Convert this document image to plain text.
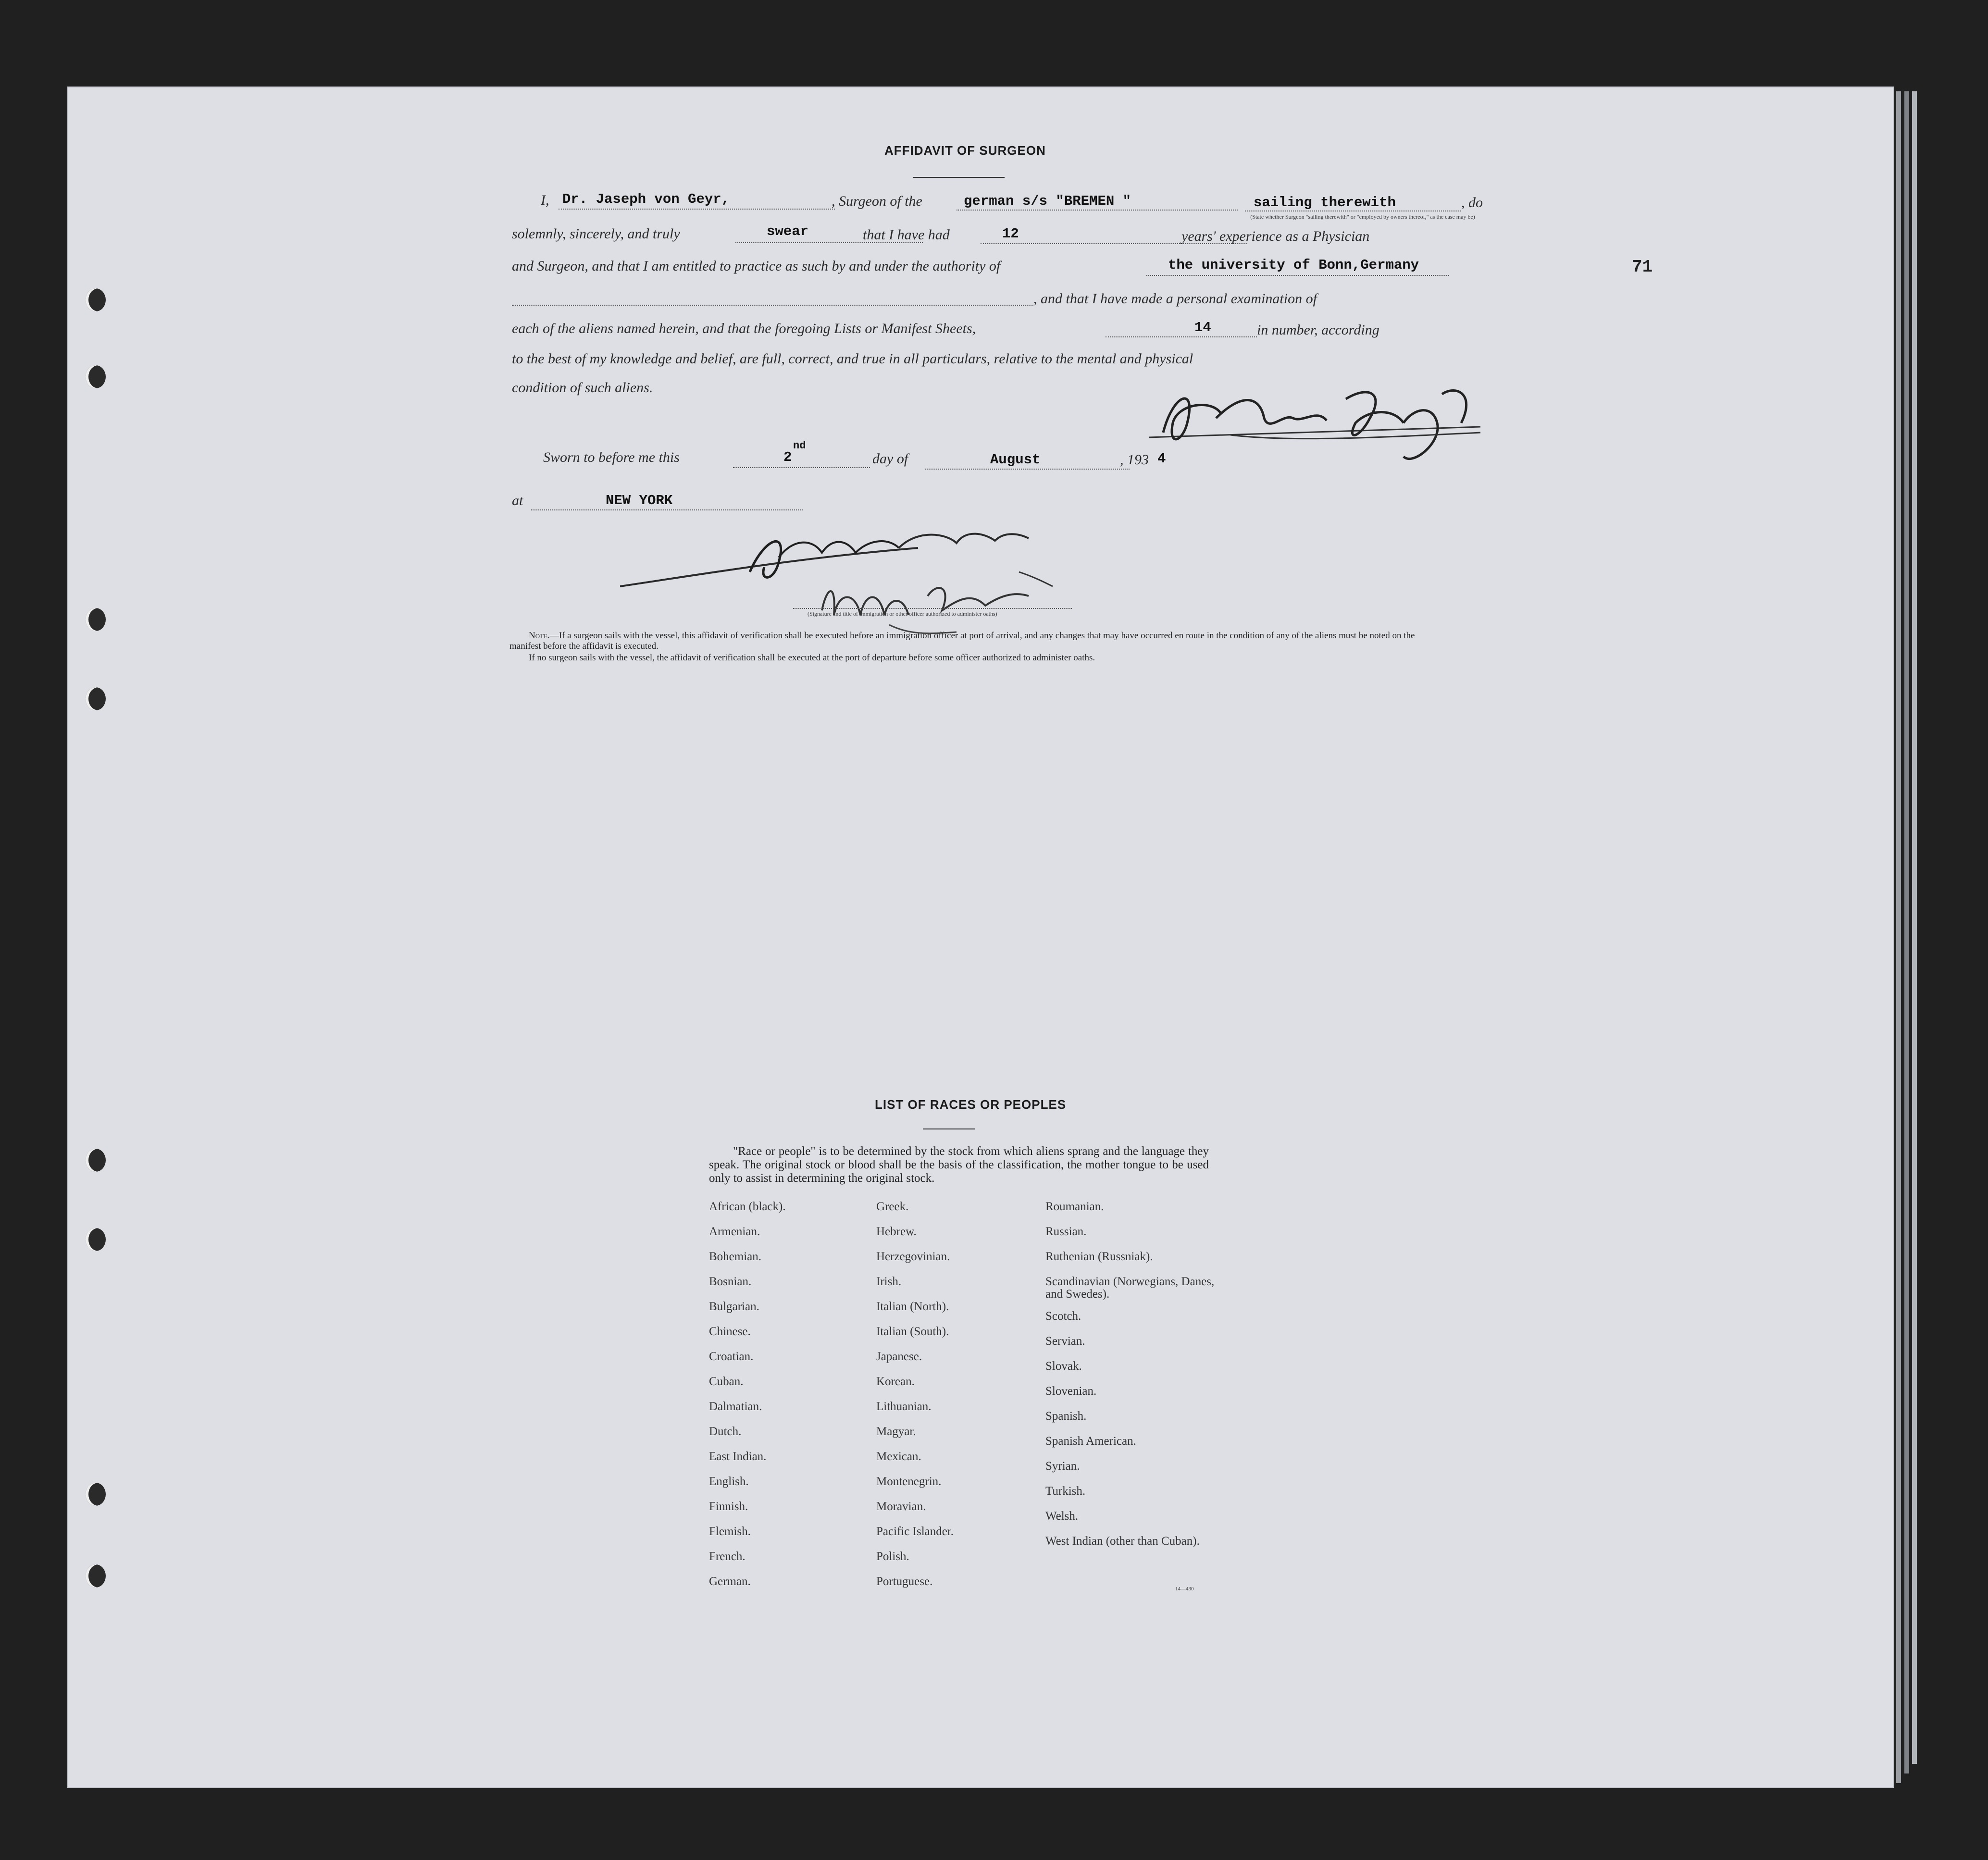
71
AFFIDAVIT OF SURGEON
I, Dr. Jaseph von Geyr,	, Surgeon of the	german s/s "BREMEN "	sailing therewith	, do
(State whether Surgeon "sailing therewith" or "employed by owners thereof," as the case may be)
solemnly, sincerely, and truly	swear	that I have had	12	years' experience as a Physician
and Surgeon, and that I am entitled to practice as such by and under the authority of	the university of Bonn,Germany
, and that I have made a personal examination of
each of the aliens named herein, and that the foregoing Lists or Manifest Sheets,	14	in number, according
to the best of my knowledge and belief, are full, correct, and true in all particulars, relative to the mental and physical
condition of such aliens.
Sworn to before me this	2
nd
day of	August	, 193 4
at	NEW YORK
(Signature and title of immigration or other officer authorized to administer oaths)
Note.—If a surgeon sails with the vessel, this affidavit of verification shall be executed before an immigration officer at port of arrival, and any changes that may have occurred en route in the condition of any of the aliens must be noted on the manifest before the affidavit is executed.
If no surgeon sails with the vessel, the affidavit of verification shall be executed at the port of departure before some officer authorized to administer oaths.
LIST OF RACES OR PEOPLES
"Race or people" is to be determined by the stock from which aliens sprang and the language they speak. The original stock or blood shall be the basis of the classification, the mother tongue to be used only to assist in determining the original stock.
African (black).
Armenian.
Bohemian.
Bosnian.
Bulgarian.
Chinese.
Croatian.
Cuban.
Dalmatian.
Dutch.
East Indian.
English.
Finnish.
Flemish.
French.
German.
Greek.
Hebrew.
Herzegovinian.
Irish.
Italian (North).
Italian (South).
Japanese.
Korean.
Lithuanian.
Magyar.
Mexican.
Montenegrin.
Moravian.
Pacific Islander.
Polish.
Portuguese.
Roumanian.
Russian.
Ruthenian (Russniak).
Scandinavian (Norwegians, Danes, and Swedes).
Scotch.
Servian.
Slovak.
Slovenian.
Spanish.
Spanish American.
Syrian.
Turkish.
Welsh.
West Indian (other than Cuban).
14—430
